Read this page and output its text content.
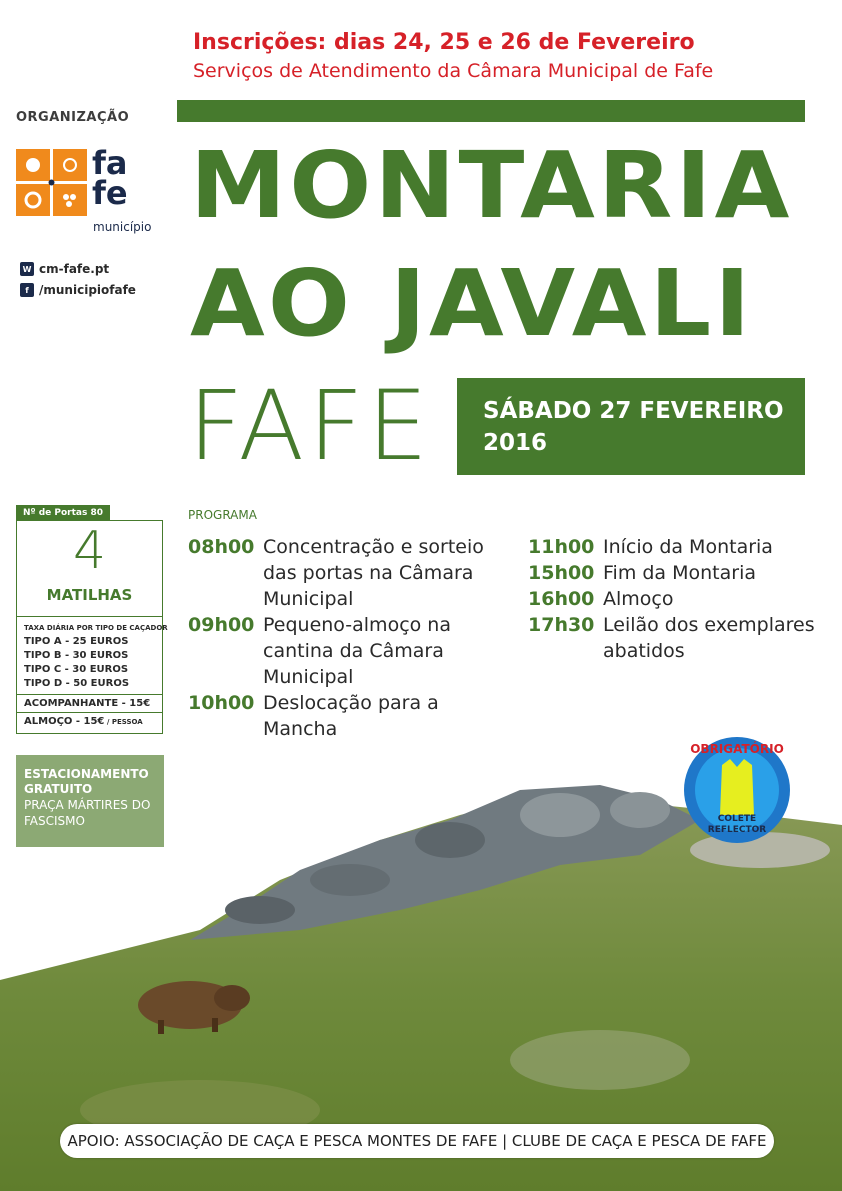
Inscrições: dias 24, 25 e 26 de Fevereiro
Serviços de Atendimento da Câmara Municipal de Fafe
ORGANIZAÇÃO
fa
fe
município
W cm-fafe.pt
f /municipiofafe
MONTARIA
AO JAVALI
FAFE SÁBADO 27 FEVEREIRO
2016
Nº de Portas 80
4
MATILHAS
TAXA DIÁRIA POR TIPO DE CAÇADOR
TIPO A - 25 EUROS
TIPO B - 30 EUROS
TIPO C - 30 EUROS
TIPO D - 50 EUROS
ACOMPANHANTE - 15€
ALMOÇO - 15€ / PESSOA
ESTACIONAMENTO GRATUITO
PRAÇA MÁRTIRES DO FASCISMO
PROGRAMA
08h00 Concentração e sorteio das portas na Câmara Municipal
09h00 Pequeno-almoço na cantina da Câmara Municipal
10h00 Deslocação para a Mancha
11h00 Início da Montaria
15h00 Fim da Montaria
16h00 Almoço
17h30 Leilão dos exemplares abatidos
OBRIGATÓRIO
COLETE
REFLECTOR
APOIO: ASSOCIAÇÃO DE CAÇA E PESCA MONTES DE FAFE | CLUBE DE CAÇA E PESCA DE FAFE
